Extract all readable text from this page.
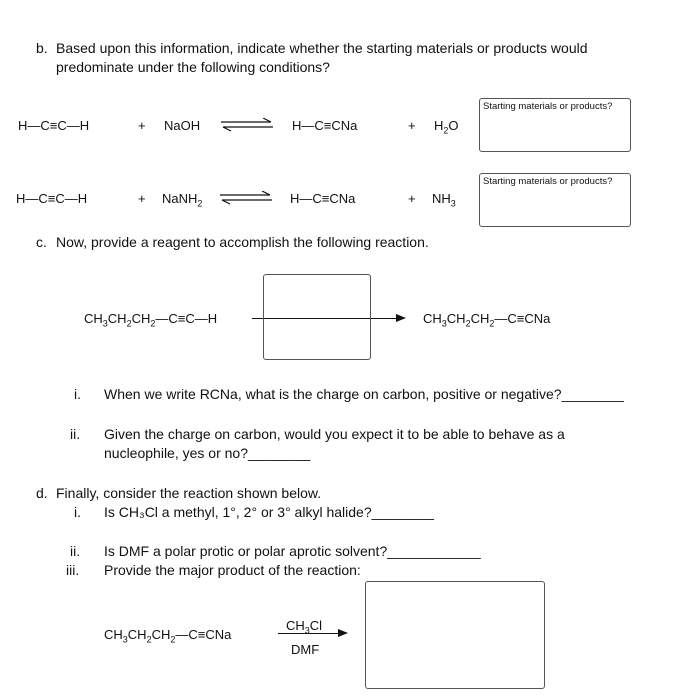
b. Based upon this information, indicate whether the starting materials or products would
predominate under the following conditions?
H—C≡C—H	+ NaOH ⇌ H—C≡CNa	+ $H_2O$
Starting materials or products?
H—C≡C—H	+ NaNH$_2$ ⇌ H—C≡CNa	+ $NH_3$
Starting materials or products?
c. Now, provide a reagent to accomplish the following reaction.
$CH_3CH_2CH_2—C\equiv C—H$	$CH_3CH_2CH_2—C\equiv CNa$
i. When we write RCNa, what is the charge on carbon, positive or negative?________
ii. Given the charge on carbon, would you expect it to be able to behave as a
nucleophile, yes or no?________
d. Finally, consider the reaction shown below.
i. Is CH₃Cl a methyl, 1°, 2° or 3° alkyl halide?________
ii. Is DMF a polar protic or polar aprotic solvent?____________
iii. Provide the major product of the reaction:
$CH_3CH_2CH_2—C\equiv CNa$
$CH_3Cl$
DMF
